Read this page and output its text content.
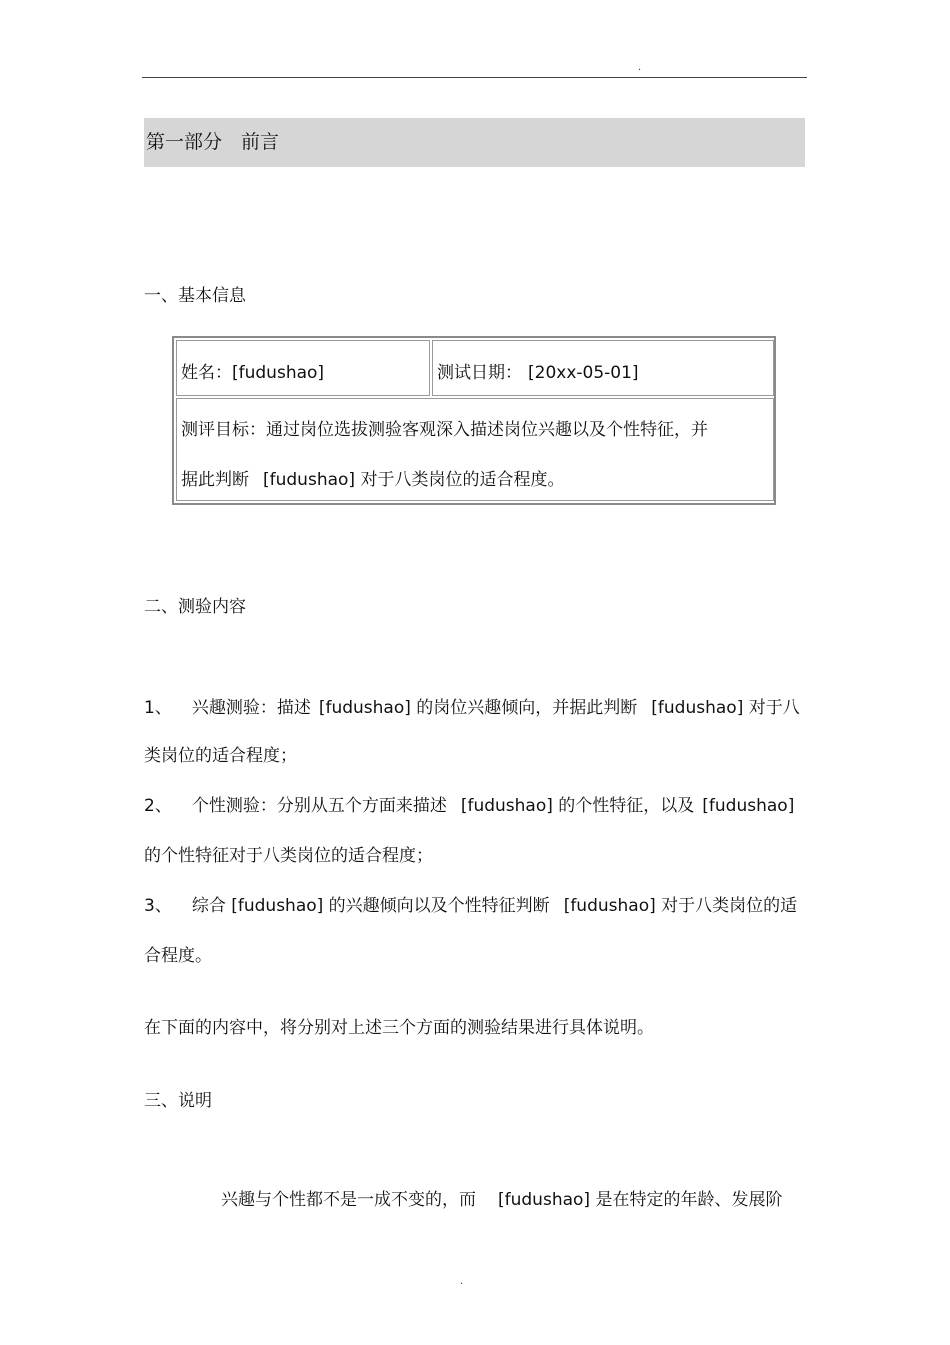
.
第一部分　前言
一、基本信息
姓名：[fudushao]	测试日期： [20xx-05-01]
测评目标：通过岗位选拔测验客观深入描述岗位兴趣以及个性特征，并
据此判断 [fudushao] 对于八类岗位的适合程度。
二、测验内容
1、 兴趣测验：描述 [fudushao] 的岗位兴趣倾向，并据此判断 [fudushao] 对于八
类岗位的适合程度；
2、 个性测验：分别从五个方面来描述 [fudushao] 的个性特征，以及 [fudushao]
的个性特征对于八类岗位的适合程度；
3、 综合 [fudushao] 的兴趣倾向以及个性特征判断 [fudushao] 对于八类岗位的适
合程度。
在下面的内容中，将分别对上述三个方面的测验结果进行具体说明。
三、说明
兴趣与个性都不是一成不变的，而 [fudushao] 是在特定的年龄、发展阶
.
